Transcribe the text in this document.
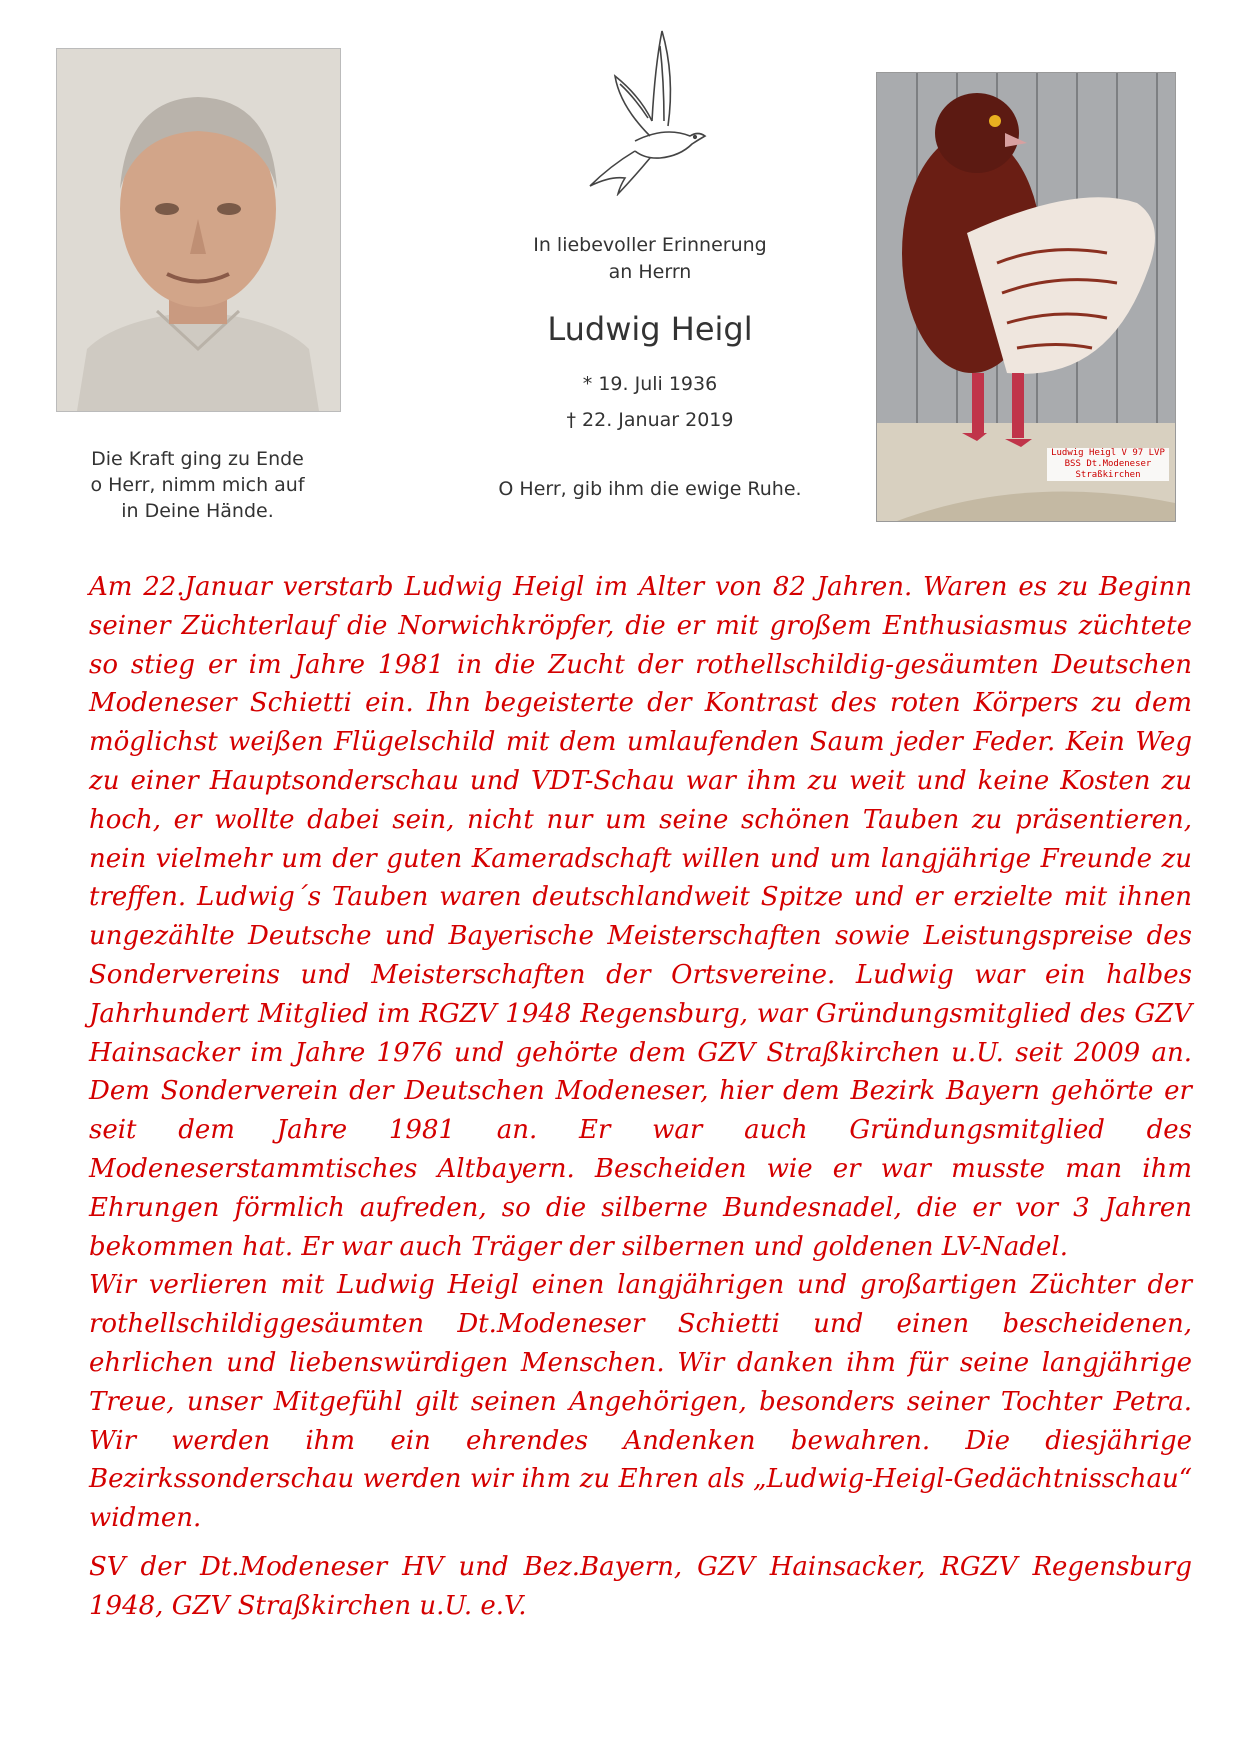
Die Kraft ging zu Ende
o Herr, nimm mich auf
in Deine Hände.
In liebevoller Erinnerung
an Herrn
Ludwig Heigl
* 19. Juli 1936
† 22. Januar 2019
O Herr, gib ihm die ewige Ruhe.
Ludwig Heigl V 97 LVP
BSS Dt.Modeneser
Straßkirchen

Am 22.Januar verstarb Ludwig Heigl im Alter von 82 Jahren. Waren es zu Beginn seiner Züchterlauf die Norwichkröpfer, die er mit großem Enthusiasmus züchtete so stieg er im Jahre 1981 in die Zucht der rothellschildig-gesäumten Deutschen Modeneser Schietti ein. Ihn begeisterte der Kontrast des roten Körpers zu dem möglichst weißen Flügelschild mit dem umlaufenden Saum jeder Feder. Kein Weg zu einer Hauptsonderschau und VDT-Schau war ihm zu weit und keine Kosten zu hoch, er wollte dabei sein, nicht nur um seine schönen Tauben zu präsentieren, nein vielmehr um der guten Kameradschaft willen und um langjährige Freunde zu treffen. Ludwig´s Tauben waren deutschlandweit Spitze und er erzielte mit ihnen ungezählte Deutsche und Bayerische Meisterschaften sowie Leistungspreise des Sondervereins und Meisterschaften der Ortsvereine. Ludwig war ein halbes Jahrhundert Mitglied im RGZV 1948 Regensburg, war Gründungsmitglied des GZV Hainsacker im Jahre 1976 und gehörte dem GZV Straßkirchen u.U. seit 2009 an. Dem Sonderverein der Deutschen Modeneser, hier dem Bezirk Bayern gehörte er seit dem Jahre 1981 an. Er war auch Gründungsmitglied des Modeneserstammtisches Altbayern. Bescheiden wie er war musste man ihm Ehrungen förmlich aufreden, so die silberne Bundesnadel, die er vor 3 Jahren bekommen hat. Er war auch Träger der silbernen und goldenen LV-Nadel.

Wir verlieren mit Ludwig Heigl einen langjährigen und großartigen Züchter der rothellschildiggesäumten Dt.Modeneser Schietti und einen bescheidenen, ehrlichen und liebenswürdigen Menschen. Wir danken ihm für seine langjährige Treue, unser Mitgefühl gilt seinen Angehörigen, besonders seiner Tochter Petra. Wir werden ihm ein ehrendes Andenken bewahren. Die diesjährige Bezirkssonderschau werden wir ihm zu Ehren als „Ludwig-Heigl-Gedächtnisschau“ widmen.

SV der Dt.Modeneser HV und Bez.Bayern, GZV Hainsacker, RGZV Regensburg 1948, GZV Straßkirchen u.U. e.V.
